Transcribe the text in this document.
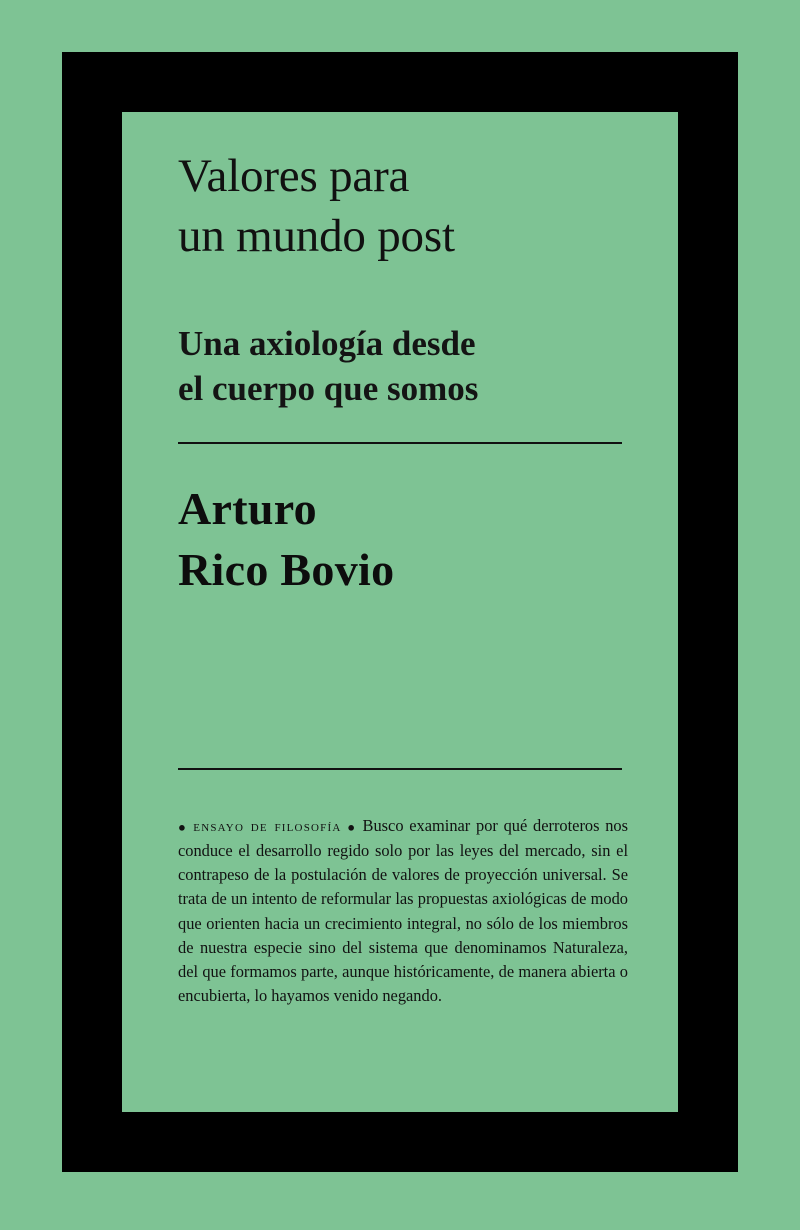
Valores para
un mundo post
Una axiología desde
el cuerpo que somos
Arturo
Rico Bovio

● ensayo de filosofía ● Busco examinar por qué derroteros nos conduce el desarrollo regido solo por las leyes del mercado, sin el contrapeso de la postulación de valores de proyección universal. Se trata de un intento de reformular las propuestas axiológicas de modo que orienten hacia un crecimiento integral, no sólo de los miembros de nuestra especie sino del sistema que denominamos Naturaleza, del que formamos parte, aunque históricamente, de manera abierta o encubierta, lo hayamos venido negando.
